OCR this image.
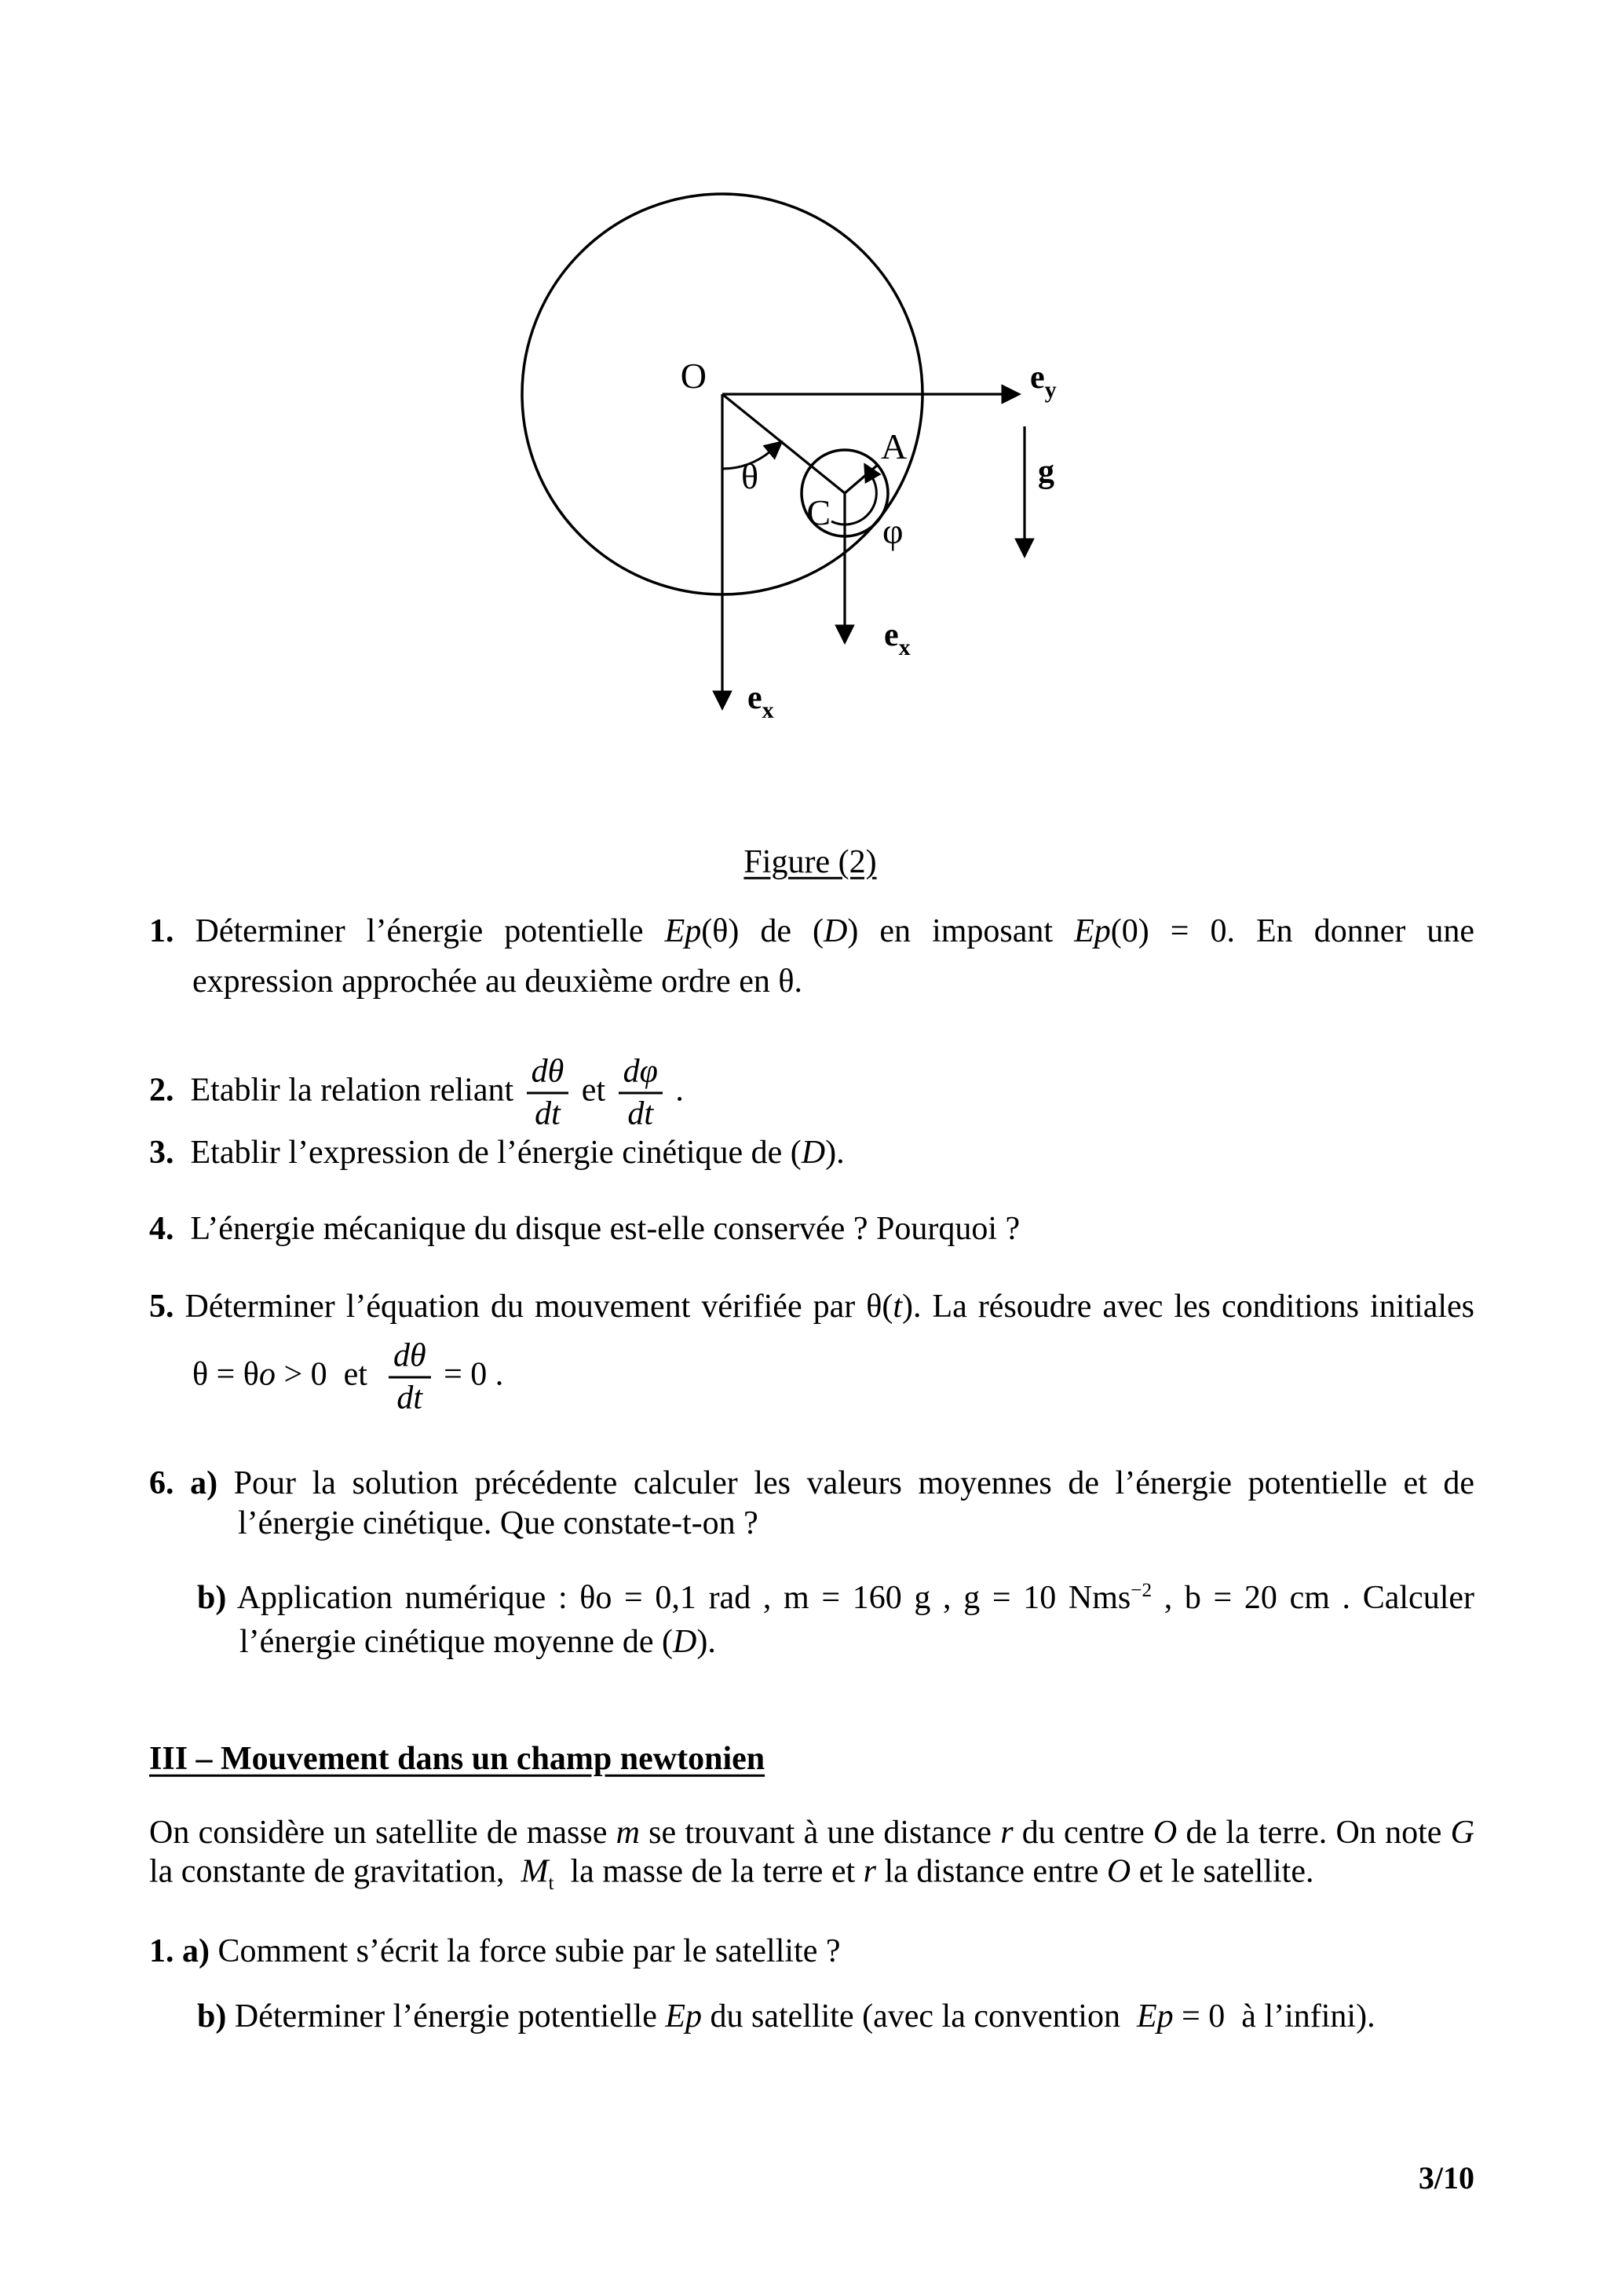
O
A
C
θ
φ
g
$e_y$
$e_x$
$e_x$
Figure (2)
1. Déterminer l’énergie potentielle Ep(θ) de (D) en imposant Ep(0) = 0. En donner une
expression approchée au deuxième ordre en θ.
2.  Etablir la relation reliant $\frac{d\theta}{dt}$ et $\frac{d\varphi}{dt}$ .
3.  Etablir l’expression de l’énergie cinétique de (D).
4.  L’énergie mécanique du disque est-elle conservée ? Pourquoi ?
5. Déterminer l’équation du mouvement vérifiée par θ(t). La résoudre avec les conditions initiales
θ = θo > 0  et $\frac{d\theta}{dt} = 0$ .
6. a) Pour la solution précédente calculer les valeurs moyennes de l’énergie potentielle et de
l’énergie cinétique. Que constate-t-on ?
b) Application numérique : θo = 0,1 rad , m = 160 g , g = 10 Nms$^{-2}$ , b = 20 cm . Calculer
l’énergie cinétique moyenne de (D).
III – Mouvement dans un champ newtonien
On considère un satellite de masse m se trouvant à une distance r du centre O de la terre. On note G
la constante de gravitation,  $M_t$  la masse de la terre et r la distance entre O et le satellite.
1. a) Comment s’écrit la force subie par le satellite ?
b) Déterminer l’énergie potentielle Ep du satellite (avec la convention  Ep = 0  à l’infini).
3/10
